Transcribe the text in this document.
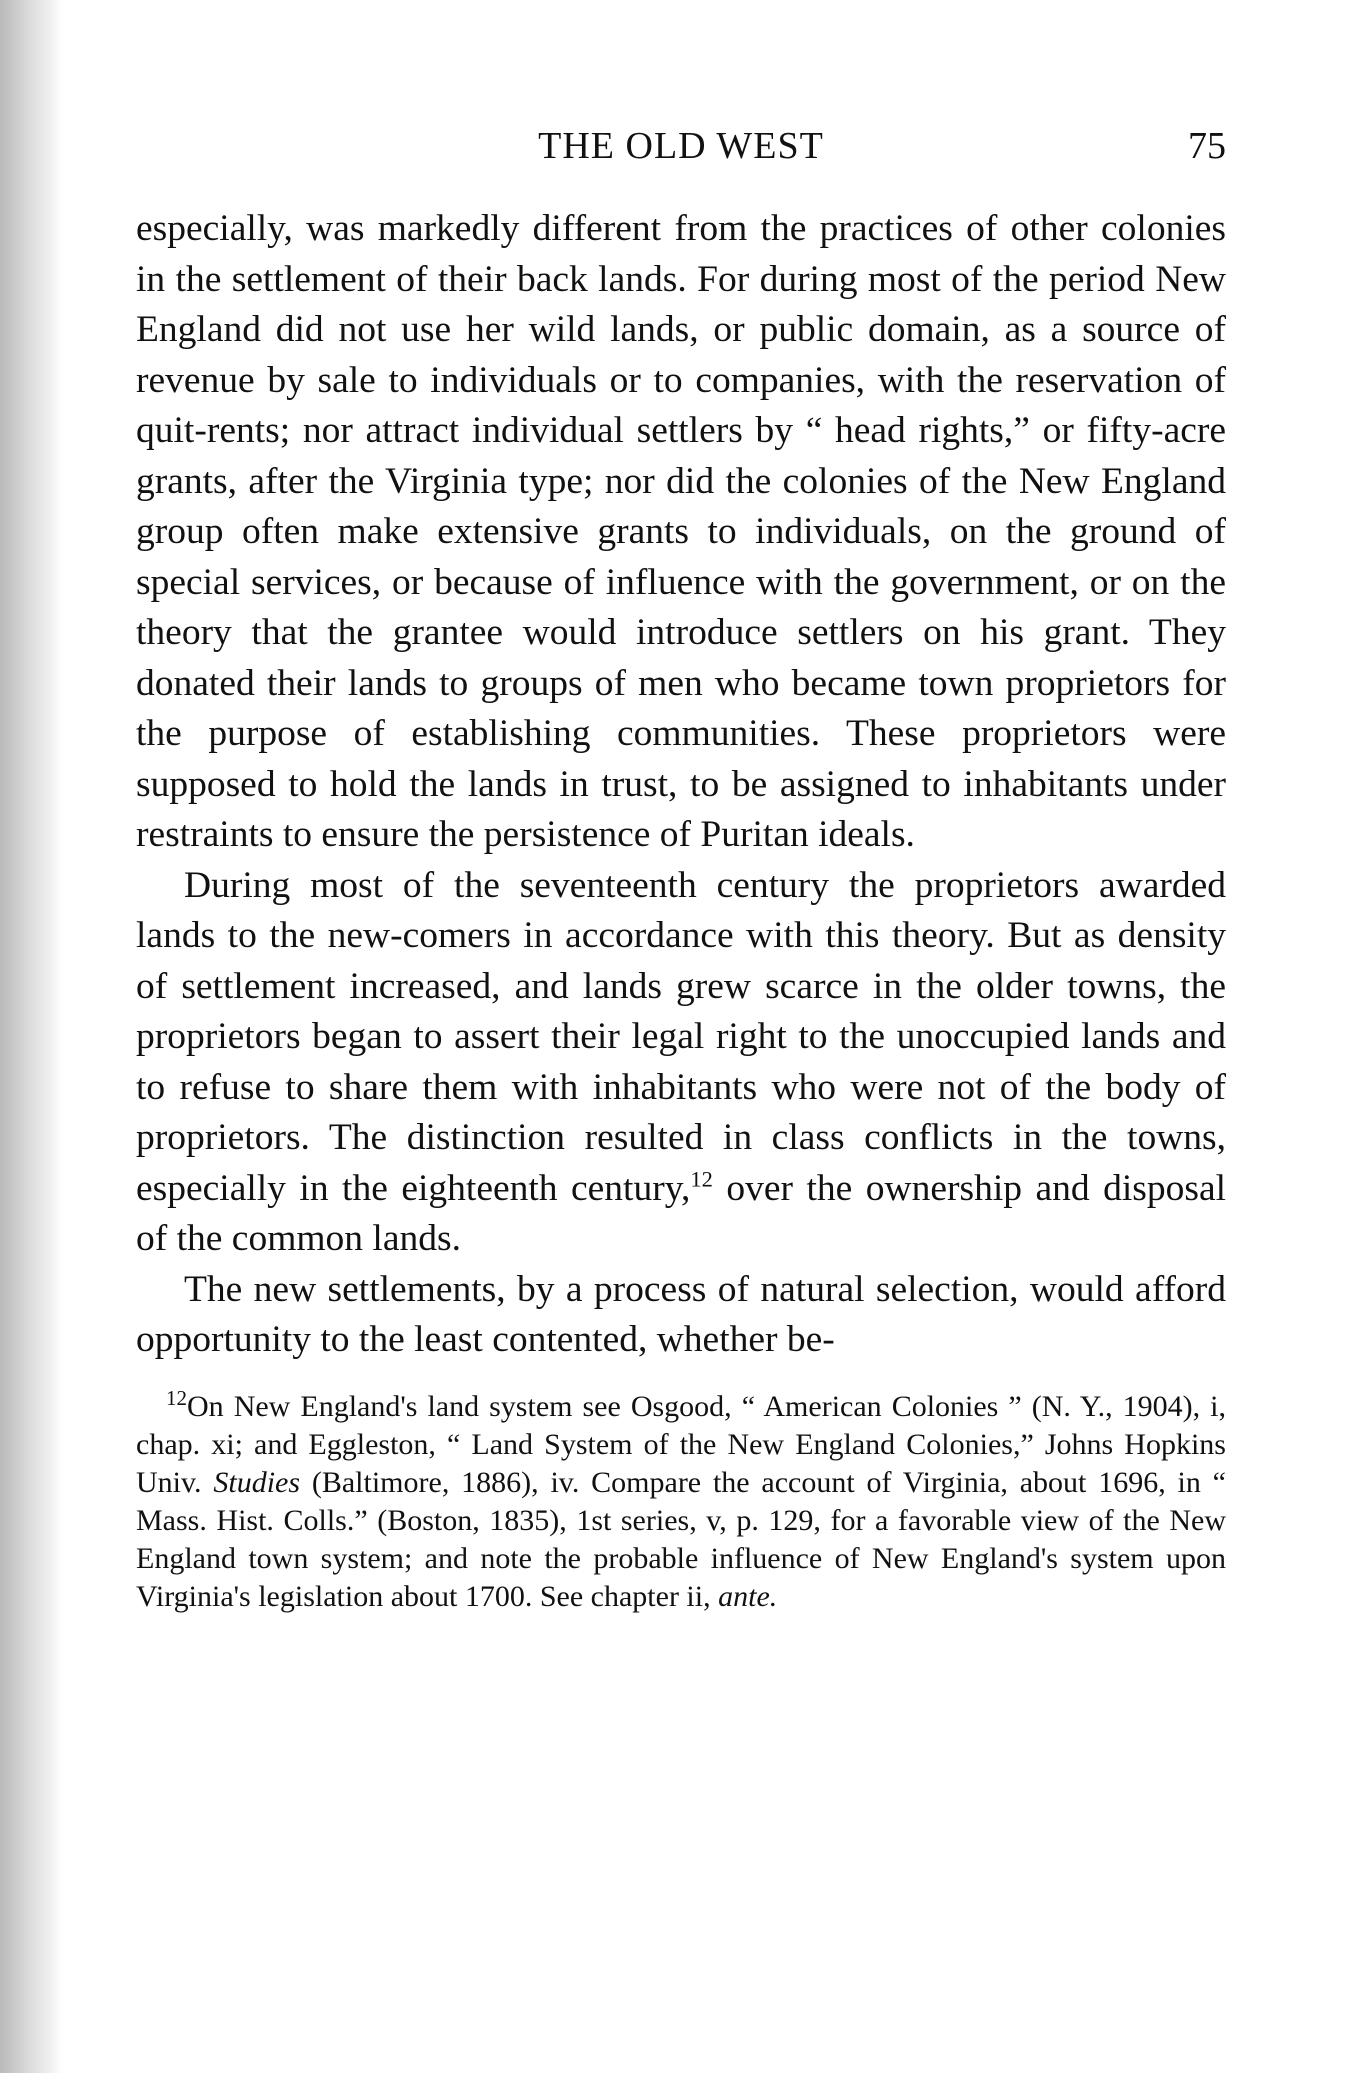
THE OLD WEST	75

especially, was markedly different from the practices of other colonies in the settlement of their back lands. For during most of the period New England did not use her wild lands, or public domain, as a source of revenue by sale to individuals or to companies, with the reservation of quit-rents; nor attract individual settlers by “ head rights,” or fifty-acre grants, after the Virginia type; nor did the colonies of the New England group often make extensive grants to individuals, on the ground of special services, or because of influence with the government, or on the theory that the grantee would introduce settlers on his grant. They donated their lands to groups of men who became town proprietors for the purpose of establishing communities. These proprietors were supposed to hold the lands in trust, to be assigned to inhabitants under restraints to ensure the persistence of Puritan ideals.

During most of the seventeenth century the proprietors awarded lands to the new-comers in accordance with this theory. But as density of settlement increased, and lands grew scarce in the older towns, the proprietors began to assert their legal right to the unoccupied lands and to refuse to share them with inhabitants who were not of the body of proprietors. The distinction resulted in class conflicts in the towns, especially in the eighteenth century,$^{12}$ over the ownership and disposal of the common lands.

The new settlements, by a process of natural selection, would afford opportunity to the least contented, whether be-

$^{12}$On New England's land system see Osgood, “ American Colonies ” (N. Y., 1904), i, chap. xi; and Eggleston, “ Land System of the New England Colonies,” Johns Hopkins Univ. Studies (Baltimore, 1886), iv. Compare the account of Virginia, about 1696, in “ Mass. Hist. Colls.” (Boston, 1835), 1st series, v, p. 129, for a favorable view of the New England town system; and note the probable influence of New England's system upon Virginia's legislation about 1700. See chapter ii, ante.
